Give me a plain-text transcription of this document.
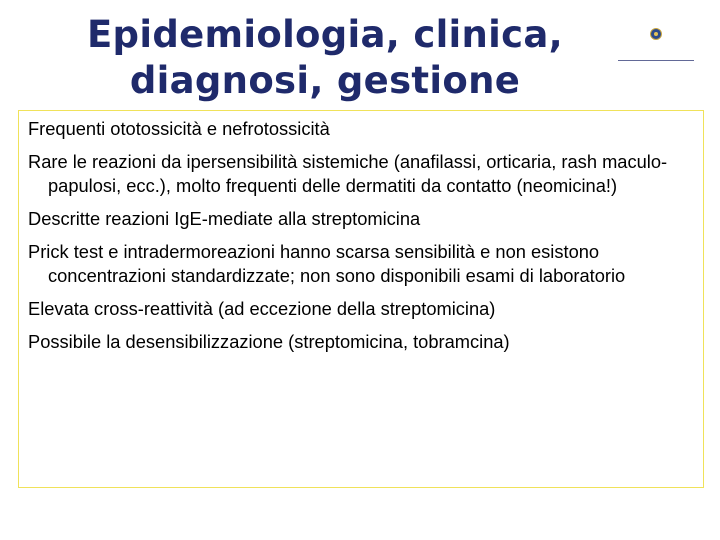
Epidemiologia, clinica,
diagnosi, gestione
Frequenti ototossicità e nefrotossicità
Rare le reazioni da ipersensibilità sistemiche (anafilassi, orticaria, rash maculo-papulosi, ecc.), molto frequenti delle dermatiti da contatto (neomicina!)
Descritte reazioni IgE-mediate alla streptomicina
Prick test e intradermoreazioni hanno scarsa sensibilità e non esistono concentrazioni standardizzate; non sono disponibili esami di laboratorio
Elevata cross-reattività (ad eccezione della streptomicina)
Possibile la desensibilizzazione (streptomicina, tobramcina)
